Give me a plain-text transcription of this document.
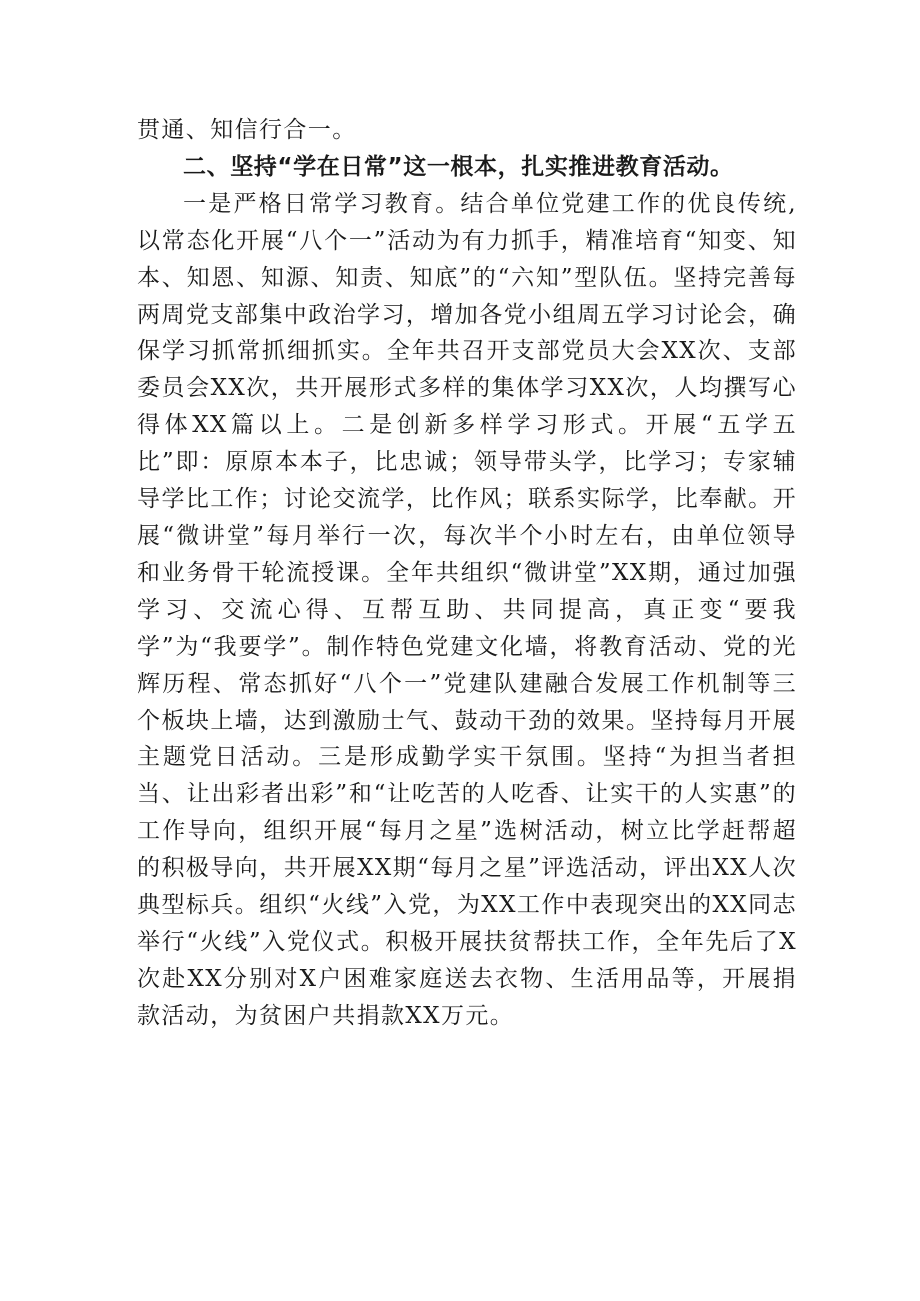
贯通、知信行合一。

二、坚持“学在日常”这一根本，扎实推进教育活动。

一是严格日常学习教育。结合单位党建工作的优良传统,以常态化开展“八个一”活动为有力抓手，精准培育“知变、知本、知恩、知源、知责、知底”的“六知”型队伍。坚持完善每两周党支部集中政治学习，增加各党小组周五学习讨论会，确保学习抓常抓细抓实。全年共召开支部党员大会XX次、支部委员会XX次，共开展形式多样的集体学习XX次，人均撰写心得体XX篇以上。二是创新多样学习形式。开展“五学五比”即：原原本本子，比忠诚；领导带头学，比学习；专家辅导学比工作；讨论交流学，比作风；联系实际学，比奉献。开展“微讲堂”每月举行一次，每次半个小时左右，由单位领导和业务骨干轮流授课。全年共组织“微讲堂”XX期，通过加强学习、交流心得、互帮互助、共同提高，真正变“要我学”为“我要学”。制作特色党建文化墙，将教育活动、党的光辉历程、常态抓好“八个一”党建队建融合发展工作机制等三个板块上墙，达到激励士气、鼓动干劲的效果。坚持每月开展主题党日活动。三是形成勤学实干氛围。坚持“为担当者担当、让出彩者出彩”和“让吃苦的人吃香、让实干的人实惠”的工作导向，组织开展“每月之星”选树活动，树立比学赶帮超的积极导向，共开展XX期“每月之星”评选活动，评出XX人次典型标兵。组织“火线”入党，为XX工作中表现突出的XX同志举行“火线”入党仪式。积极开展扶贫帮扶工作，全年先后了X次赴XX分别对X户困难家庭送去衣物、生活用品等，开展捐款活动，为贫困户共捐款XX万元。
